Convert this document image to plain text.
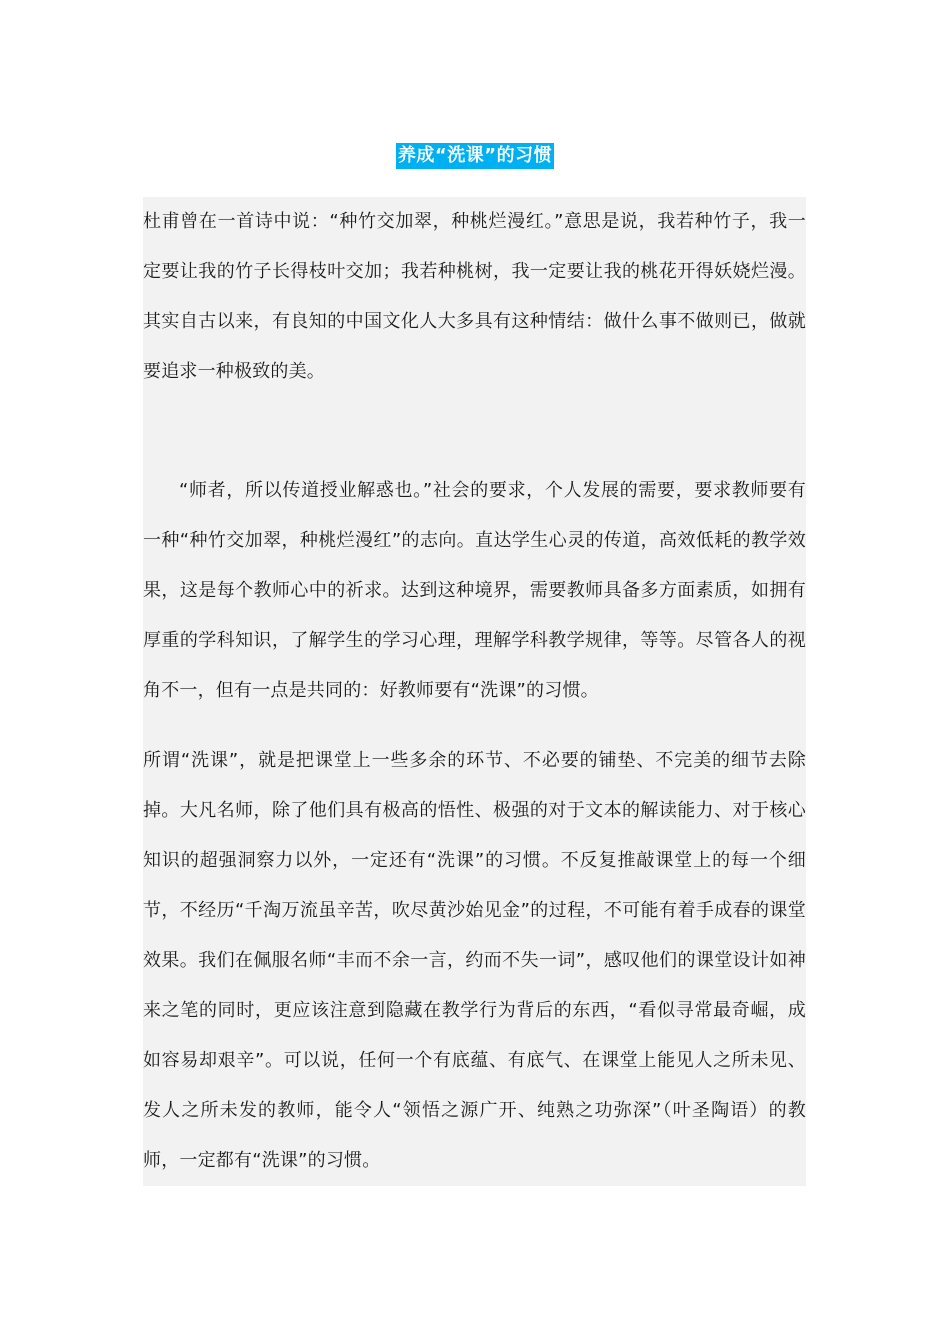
养成“洗课”的习惯

杜甫曾在一首诗中说：“种竹交加翠，种桃烂漫红。”意思是说，我若种竹子，我一定要让我的竹子长得枝叶交加；我若种桃树，我一定要让我的桃花开得妖娆烂漫。其实自古以来，有良知的中国文化人大多具有这种情结：做什么事不做则已，做就要追求一种极致的美。

“师者，所以传道授业解惑也。”社会的要求，个人发展的需要，要求教师要有一种“种竹交加翠，种桃烂漫红”的志向。直达学生心灵的传道，高效低耗的教学效果，这是每个教师心中的祈求。达到这种境界，需要教师具备多方面素质，如拥有厚重的学科知识，了解学生的学习心理，理解学科教学规律，等等。尽管各人的视角不一，但有一点是共同的：好教师要有“洗课”的习惯。

所谓“洗课”，就是把课堂上一些多余的环节、不必要的铺垫、不完美的细节去除掉。大凡名师，除了他们具有极高的悟性、极强的对于文本的解读能力、对于核心知识的超强洞察力以外，一定还有“洗课”的习惯。不反复推敲课堂上的每一个细节，不经历“千淘万流虽辛苦，吹尽黄沙始见金”的过程，不可能有着手成春的课堂效果。我们在佩服名师“丰而不余一言，约而不失一词”，感叹他们的课堂设计如神来之笔的同时，更应该注意到隐藏在教学行为背后的东西，“看似寻常最奇崛，成如容易却艰辛”。可以说，任何一个有底蕴、有底气、在课堂上能见人之所未见、发人之所未发的教师，能令人“领悟之源广开、纯熟之功弥深”（叶圣陶语）的教师，一定都有“洗课”的习惯。
